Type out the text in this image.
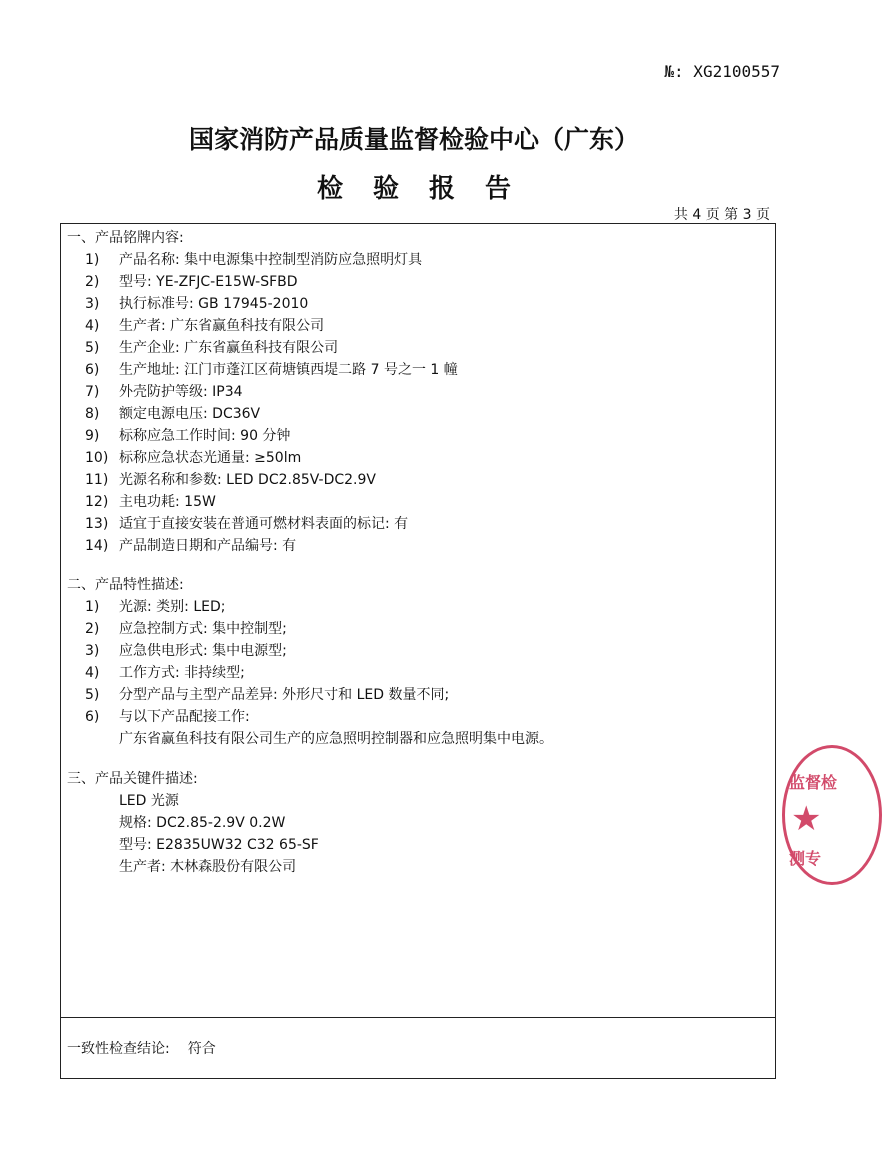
№: XG2100557
国家消防产品质量监督检验中心（广东）
检验报告
共 4 页 第 3 页
一、产品铭牌内容:
1)	产品名称: 集中电源集中控制型消防应急照明灯具
2)	型号: YE-ZFJC-E15W-SFBD
3)	执行标准号: GB 17945-2010
4)	生产者: 广东省赢鱼科技有限公司
5)	生产企业: 广东省赢鱼科技有限公司
6)	生产地址: 江门市蓬江区荷塘镇西堤二路 7 号之一 1 幢
7)	外壳防护等级: IP34
8)	额定电源电压: DC36V
9)	标称应急工作时间: 90 分钟
10) 标称应急状态光通量: ≥50lm
11) 光源名称和参数: LED DC2.85V-DC2.9V
12) 主电功耗: 15W
13) 适宜于直接安装在普通可燃材料表面的标记: 有
14) 产品制造日期和产品编号: 有
二、产品特性描述:
1)	光源: 类别: LED;
2)	应急控制方式: 集中控制型;
3)	应急供电形式: 集中电源型;
4)	工作方式: 非持续型;
5)	分型产品与主型产品差异: 外形尺寸和 LED 数量不同;
6)	与以下产品配接工作:
广东省赢鱼科技有限公司生产的应急照明控制器和应急照明集中电源。
三、产品关键件描述:
LED 光源
规格: DC2.85-2.9V 0.2W
型号: E2835UW32 C32 65-SF
生产者: 木林森股份有限公司
一致性检查结论: 符合
监督检
★
测专
